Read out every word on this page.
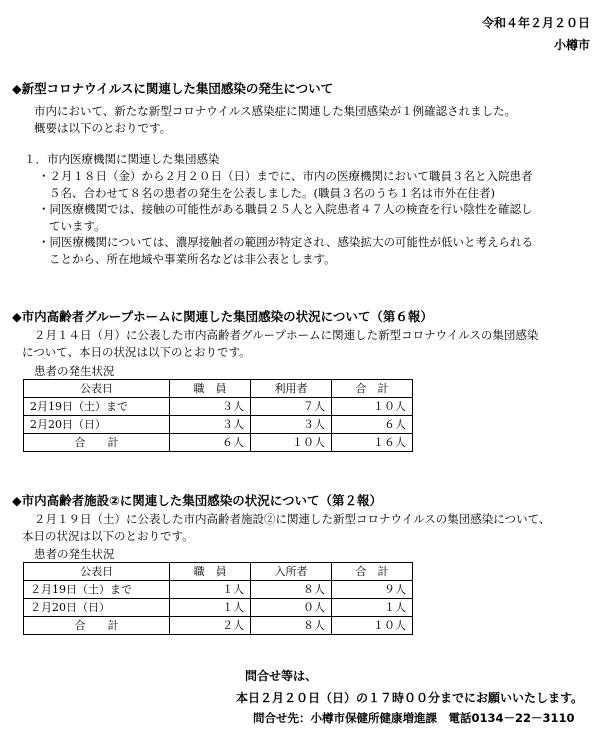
令和４年２月２０日
小樽市
◆新型コロナウイルスに関連した集団感染の発生について

市内において、新たな新型コロナウイルス感染症に関連した集団感染が１例確認されました。

概要は以下のとおりです。

１．市内医療機関に関連した集団感染

・２月１８日（金）から２月２０日（日）までに、市内の医療機関において職員３名と入院患者

５名、合わせて８名の患者の発生を公表しました。(職員３名のうち１名は市外在住者)

・同医療機関では、接触の可能性がある職員２５人と入院患者４７人の検査を行い陰性を確認し

ています。

・同医療機関については、濃厚接触者の範囲が特定され、感染拡大の可能性が低いと考えられる

ことから、所在地域や事業所名などは非公表とします。

◆市内高齢者グループホームに関連した集団感染の状況について（第６報）

２月１４日（月）に公表した市内高齢者グループホームに関連した新型コロナウイルスの集団感染

について、本日の状況は以下のとおりです。

患者の発生状況
公表日	職　員	利用者	合　計
2月19日（土）まで	３人	７人	１０人
2月20日（日）	３人	３人	６人
合　　計	６人	１０人	１６人
◆市内高齢者施設②に関連した集団感染の状況について（第２報）

２月１９日（土）に公表した市内高齢者施設②に関連した新型コロナウイルスの集団感染について、

本日の状況は以下のとおりです。

患者の発生状況
公表日	職　員	入所者	合　計
２月19日（土）まで	１人	８人	９人
２月20日（日）	１人	０人	１人
合　　計	２人	８人	１０人
問合せ等は、
本日２月２０日（日）の１７時００分までにお願いいたします。
問合せ先：小樽市保健所健康増進課　電話0134－22－3110
